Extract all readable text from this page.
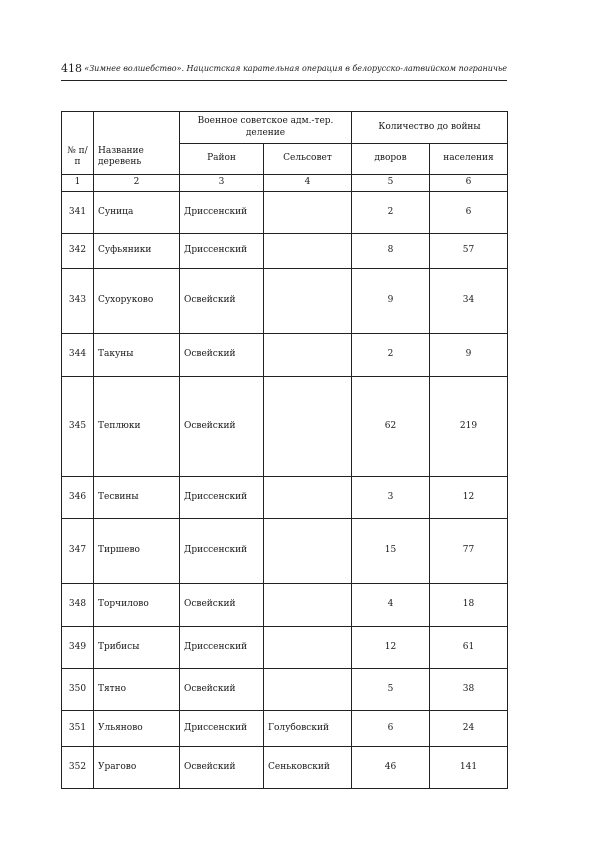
418 «Зимнее волшебство». Нацистская карательная операция в белорусско-латвийском пограничье
№ п/п	Название деревень	Военное советское адм.-тер. деление		Количество до войны	
		Район	Сельсовет	дворов	населения
1	2	3	4	5	6
341	Суница	Дриссенский		2	6
342	Суфьяники	Дриссенский		8	57
343	Сухоруково	Освейский		9	34
344	Такуны	Освейский		2	9
345	Теплюки	Освейский		62	219
346	Тесвины	Дриссенский		3	12
347	Тиршево	Дриссенский		15	77
348	Торчилово	Освейский		4	18
349	Трибисы	Дриссенский		12	61
350	Тятно	Освейский		5	38
351	Ульяново	Дриссенский	Голубовский	6	24
352	Урагово	Освейский	Сеньковский	46	141
